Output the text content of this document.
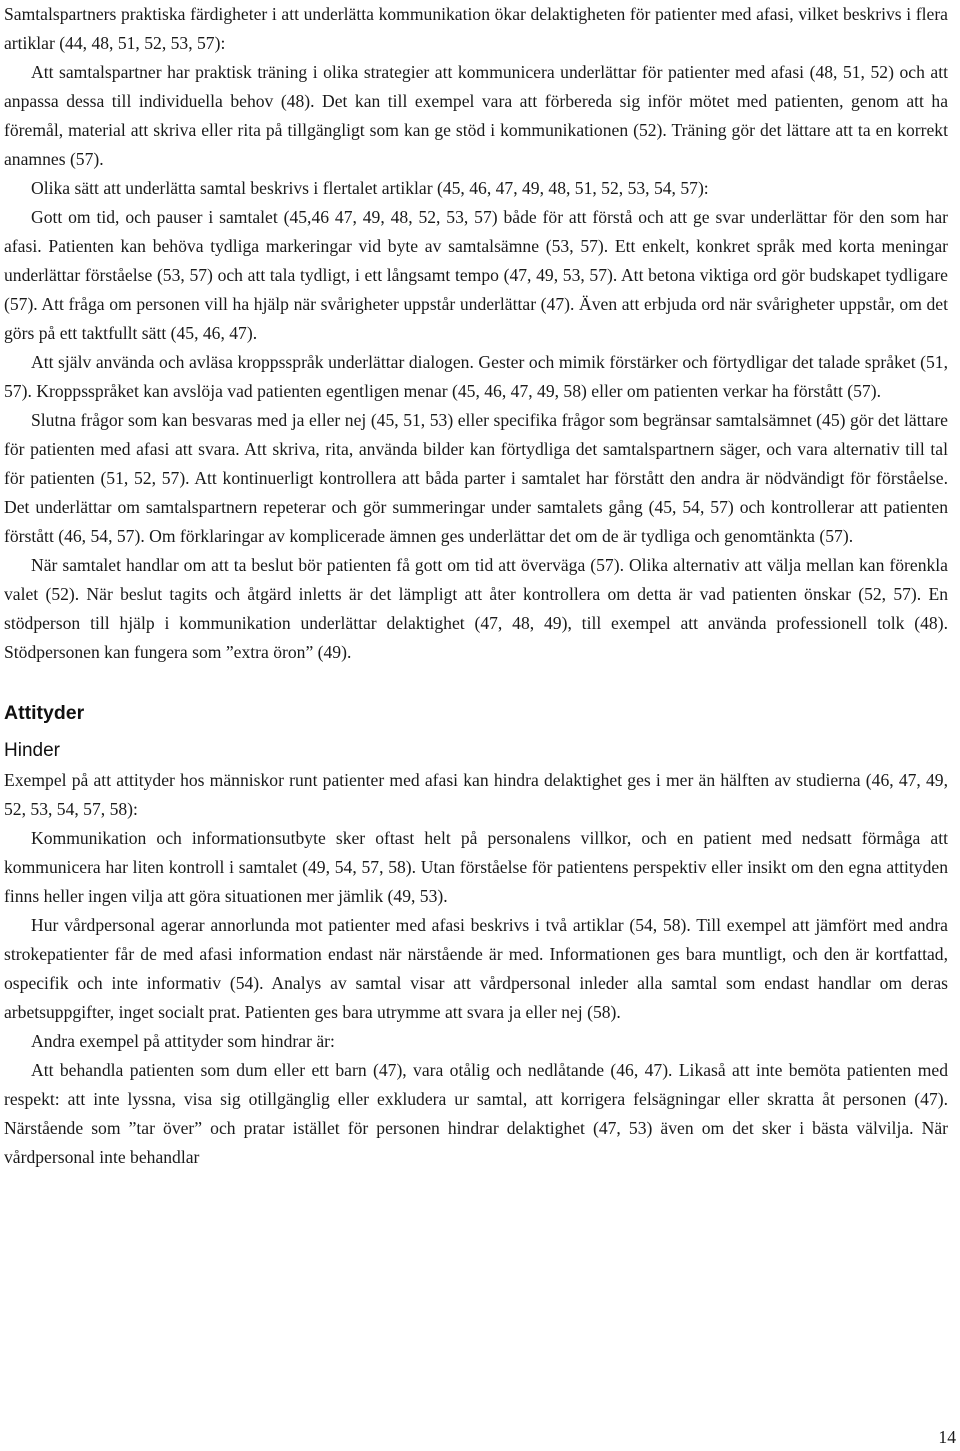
Samtalspartners praktiska färdigheter i att underlätta kommunikation ökar delaktigheten för patienter med afasi, vilket beskrivs i flera artiklar (44, 48, 51, 52, 53, 57):

Att samtalspartner har praktisk träning i olika strategier att kommunicera underlättar för patienter med afasi (48, 51, 52) och att anpassa dessa till individuella behov (48). Det kan till exempel vara att förbereda sig inför mötet med patienten, genom att ha föremål, material att skriva eller rita på tillgängligt som kan ge stöd i kommunikationen (52). Träning gör det lättare att ta en korrekt anamnes (57).

Olika sätt att underlätta samtal beskrivs i flertalet artiklar (45, 46, 47, 49, 48, 51, 52, 53, 54, 57):

Gott om tid, och pauser i samtalet (45,46 47, 49, 48, 52, 53, 57) både för att förstå och att ge svar underlättar för den som har afasi. Patienten kan behöva tydliga markeringar vid byte av samtalsämne (53, 57). Ett enkelt, konkret språk med korta meningar underlättar förståelse (53, 57) och att tala tydligt, i ett långsamt tempo (47, 49, 53, 57). Att betona viktiga ord gör budskapet tydligare (57). Att fråga om personen vill ha hjälp när svårigheter uppstår underlättar (47). Även att erbjuda ord när svårigheter uppstår, om det görs på ett taktfullt sätt (45, 46, 47).

Att själv använda och avläsa kroppsspråk underlättar dialogen. Gester och mimik förstärker och förtydligar det talade språket (51, 57). Kroppsspråket kan avslöja vad patienten egentligen menar (45, 46, 47, 49, 58) eller om patienten verkar ha förstått (57).

Slutna frågor som kan besvaras med ja eller nej (45, 51, 53) eller specifika frågor som begränsar samtalsämnet (45) gör det lättare för patienten med afasi att svara. Att skriva, rita, använda bilder kan förtydliga det samtalspartnern säger, och vara alternativ till tal för patienten (51, 52, 57). Att kontinuerligt kontrollera att båda parter i samtalet har förstått den andra är nödvändigt för förståelse. Det underlättar om samtalspartnern repeterar och gör summeringar under samtalets gång (45, 54, 57) och kontrollerar att patienten förstått (46, 54, 57). Om förklaringar av komplicerade ämnen ges underlättar det om de är tydliga och genomtänkta (57).

När samtalet handlar om att ta beslut bör patienten få gott om tid att överväga (57). Olika alternativ att välja mellan kan förenkla valet (52). När beslut tagits och åtgärd inletts är det lämpligt att åter kontrollera om detta är vad patienten önskar (52, 57). En stödperson till hjälp i kommunikation underlättar delaktighet (47, 48, 49), till exempel att använda professionell tolk (48). Stödpersonen kan fungera som ”extra öron” (49).

Attityder
Hinder

Exempel på att attityder hos människor runt patienter med afasi kan hindra delaktighet ges i mer än hälften av studierna (46, 47, 49, 52, 53, 54, 57, 58):

Kommunikation och informationsutbyte sker oftast helt på personalens villkor, och en patient med nedsatt förmåga att kommunicera har liten kontroll i samtalet (49, 54, 57, 58). Utan förståelse för patientens perspektiv eller insikt om den egna attityden finns heller ingen vilja att göra situationen mer jämlik (49, 53).

Hur vårdpersonal agerar annorlunda mot patienter med afasi beskrivs i två artiklar (54, 58). Till exempel att jämfört med andra strokepatienter får de med afasi information endast när närstående är med. Informationen ges bara muntligt, och den är kortfattad, ospecifik och inte informativ (54). Analys av samtal visar att vårdpersonal inleder alla samtal som endast handlar om deras arbetsuppgifter, inget socialt prat. Patienten ges bara utrymme att svara ja eller nej (58).

Andra exempel på attityder som hindrar är:

Att behandla patienten som dum eller ett barn (47), vara otålig och nedlåtande (46, 47). Likaså att inte bemöta patienten med respekt: att inte lyssna, visa sig otillgänglig eller exkludera ur samtal, att korrigera felsägningar eller skratta åt personen (47). Närstående som ”tar över” och pratar istället för personen hindrar delaktighet (47, 53) även om det sker i bästa välvilja. När vårdpersonal inte behandlar

14
